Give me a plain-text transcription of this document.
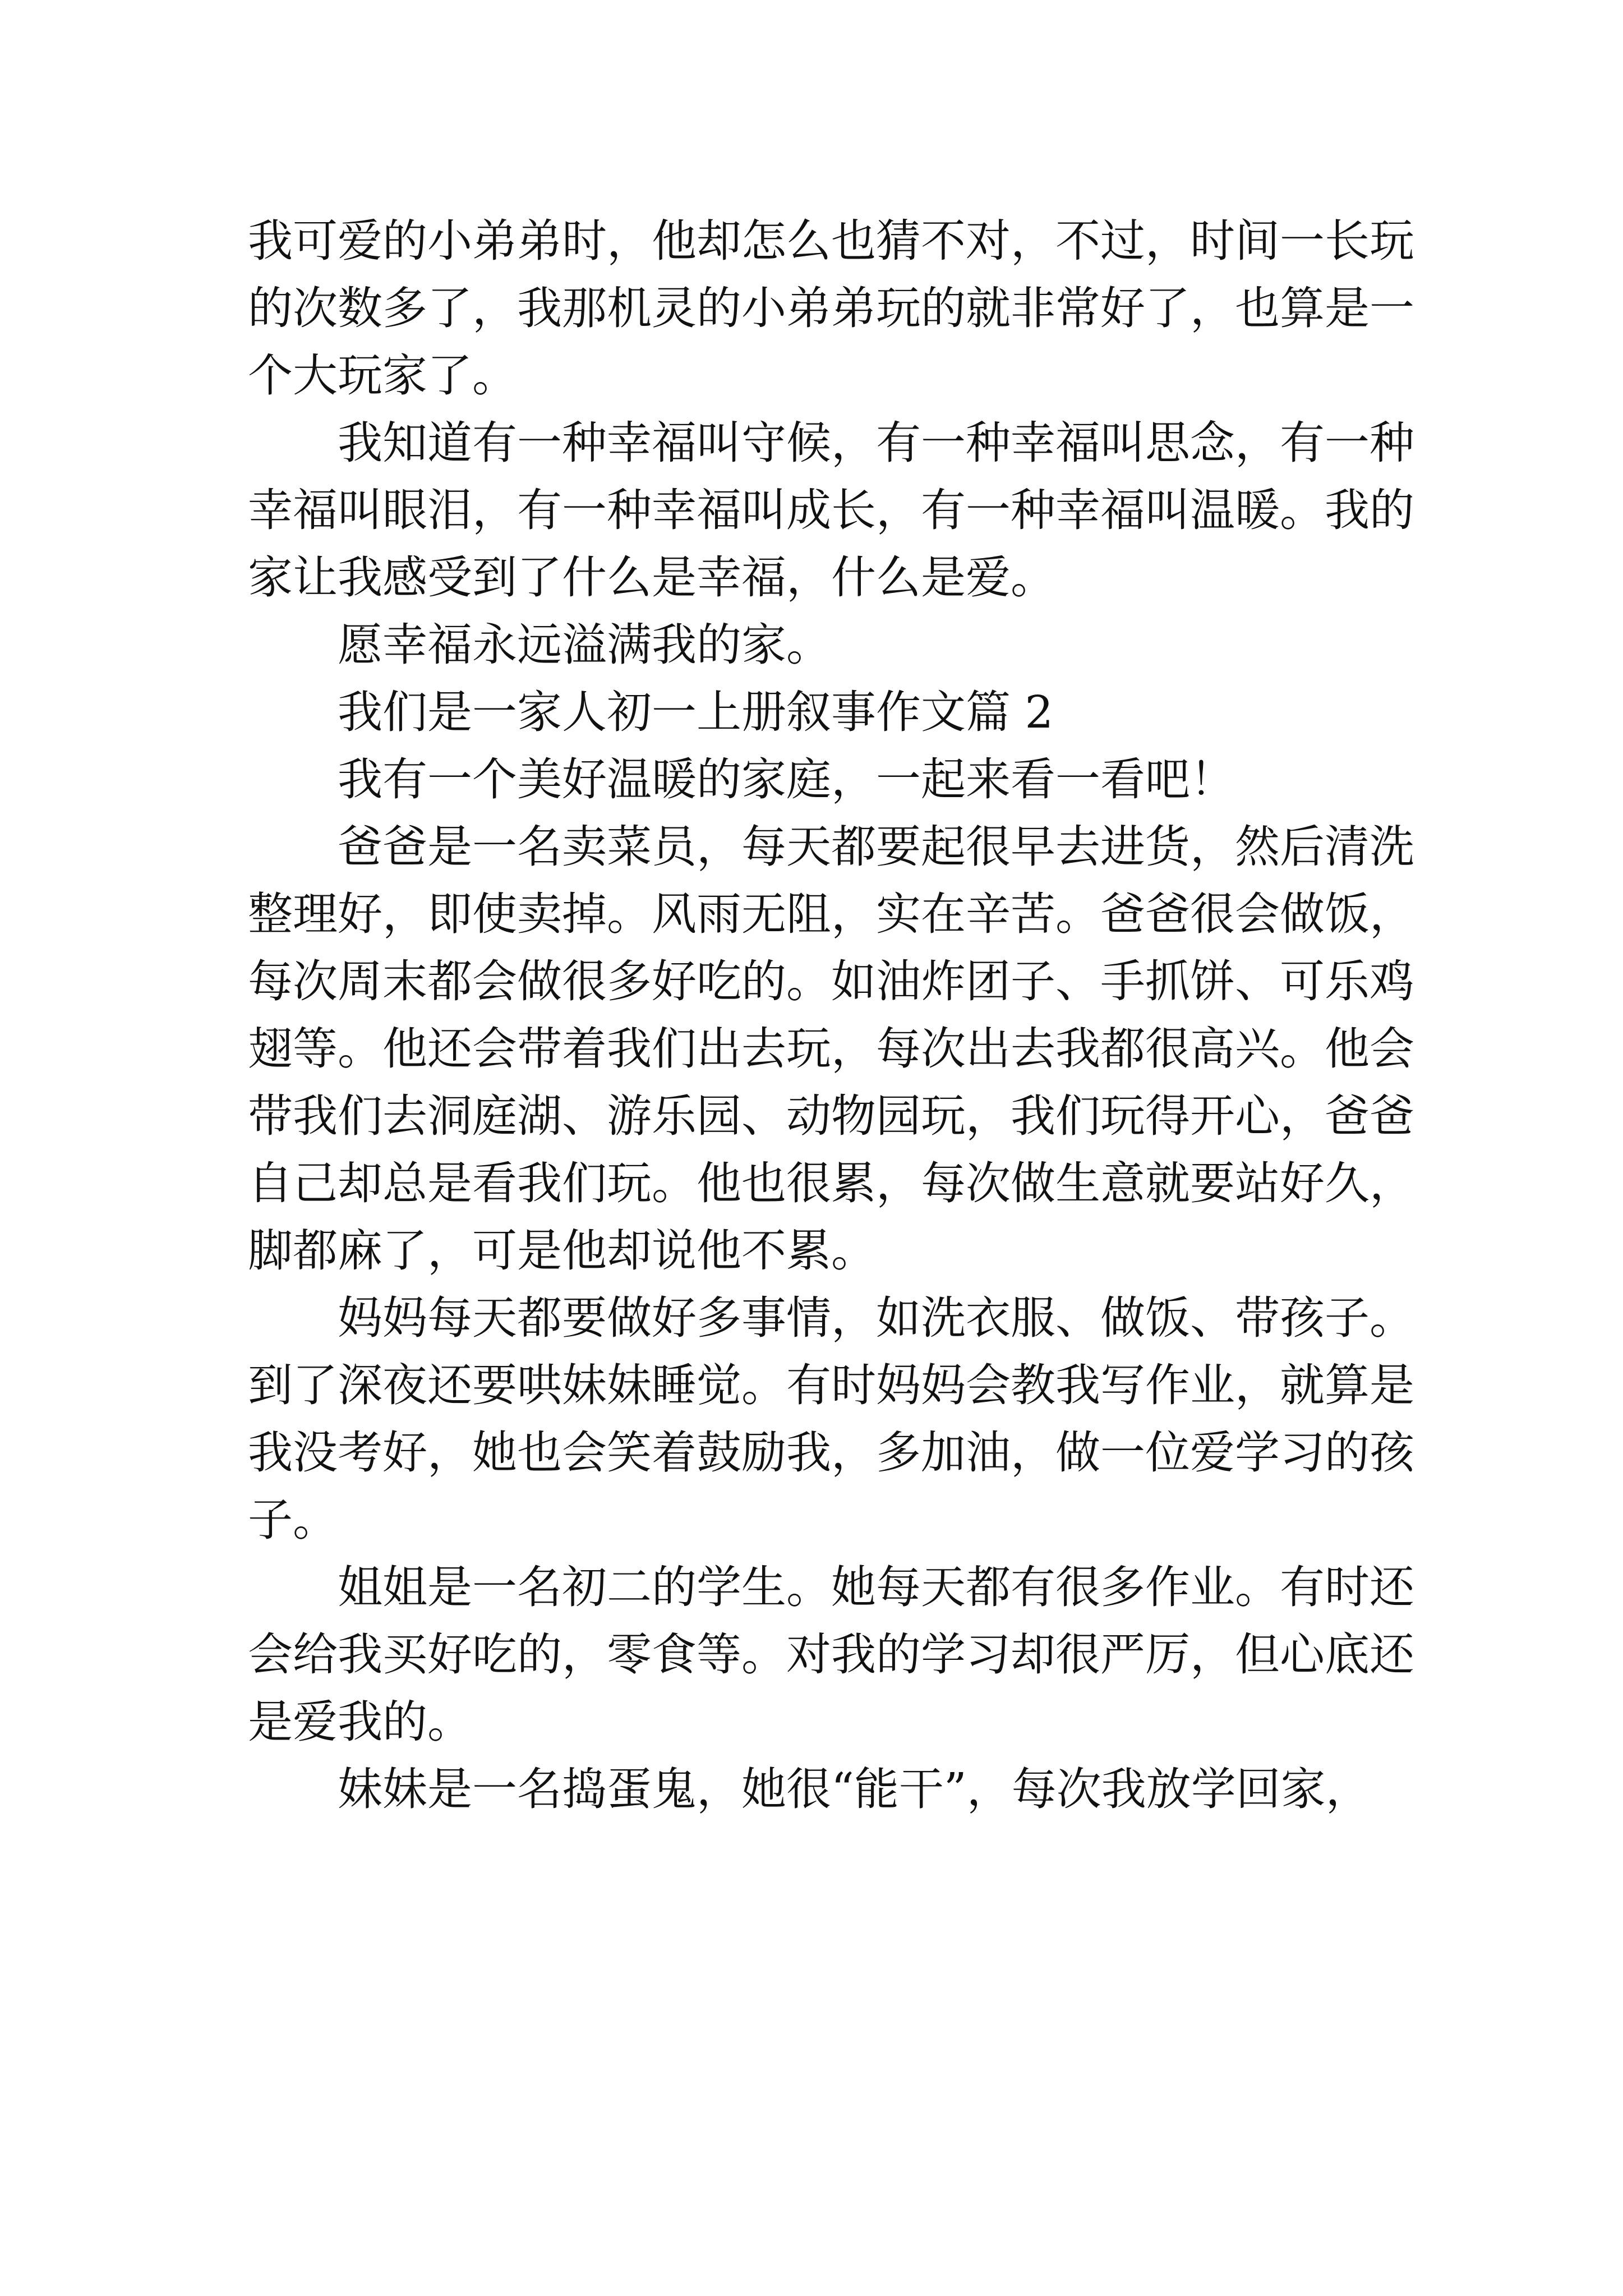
我可爱的小弟弟时，他却怎么也猜不对，不过，时间一长玩
的次数多了，我那机灵的小弟弟玩的就非常好了，也算是一
个大玩家了。

我知道有一种幸福叫守候，有一种幸福叫思念，有一种
幸福叫眼泪，有一种幸福叫成长，有一种幸福叫温暖。我的
家让我感受到了什么是幸福，什么是爱。

愿幸福永远溢满我的家。

我们是一家人初一上册叙事作文篇 2

我有一个美好温暖的家庭，一起来看一看吧！

爸爸是一名卖菜员，每天都要起很早去进货，然后清洗
整理好，即使卖掉。风雨无阻，实在辛苦。爸爸很会做饭，
每次周末都会做很多好吃的。如油炸团子、手抓饼、可乐鸡
翅等。他还会带着我们出去玩，每次出去我都很高兴。他会
带我们去洞庭湖、游乐园、动物园玩，我们玩得开心，爸爸
自己却总是看我们玩。他也很累，每次做生意就要站好久，
脚都麻了，可是他却说他不累。

妈妈每天都要做好多事情，如洗衣服、做饭、带孩子。
到了深夜还要哄妹妹睡觉。有时妈妈会教我写作业，就算是
我没考好，她也会笑着鼓励我，多加油，做一位爱学习的孩
子。

姐姐是一名初二的学生。她每天都有很多作业。有时还
会给我买好吃的，零食等。对我的学习却很严厉，但心底还
是爱我的。

妹妹是一名捣蛋鬼，她很“能干”，每次我放学回家，
